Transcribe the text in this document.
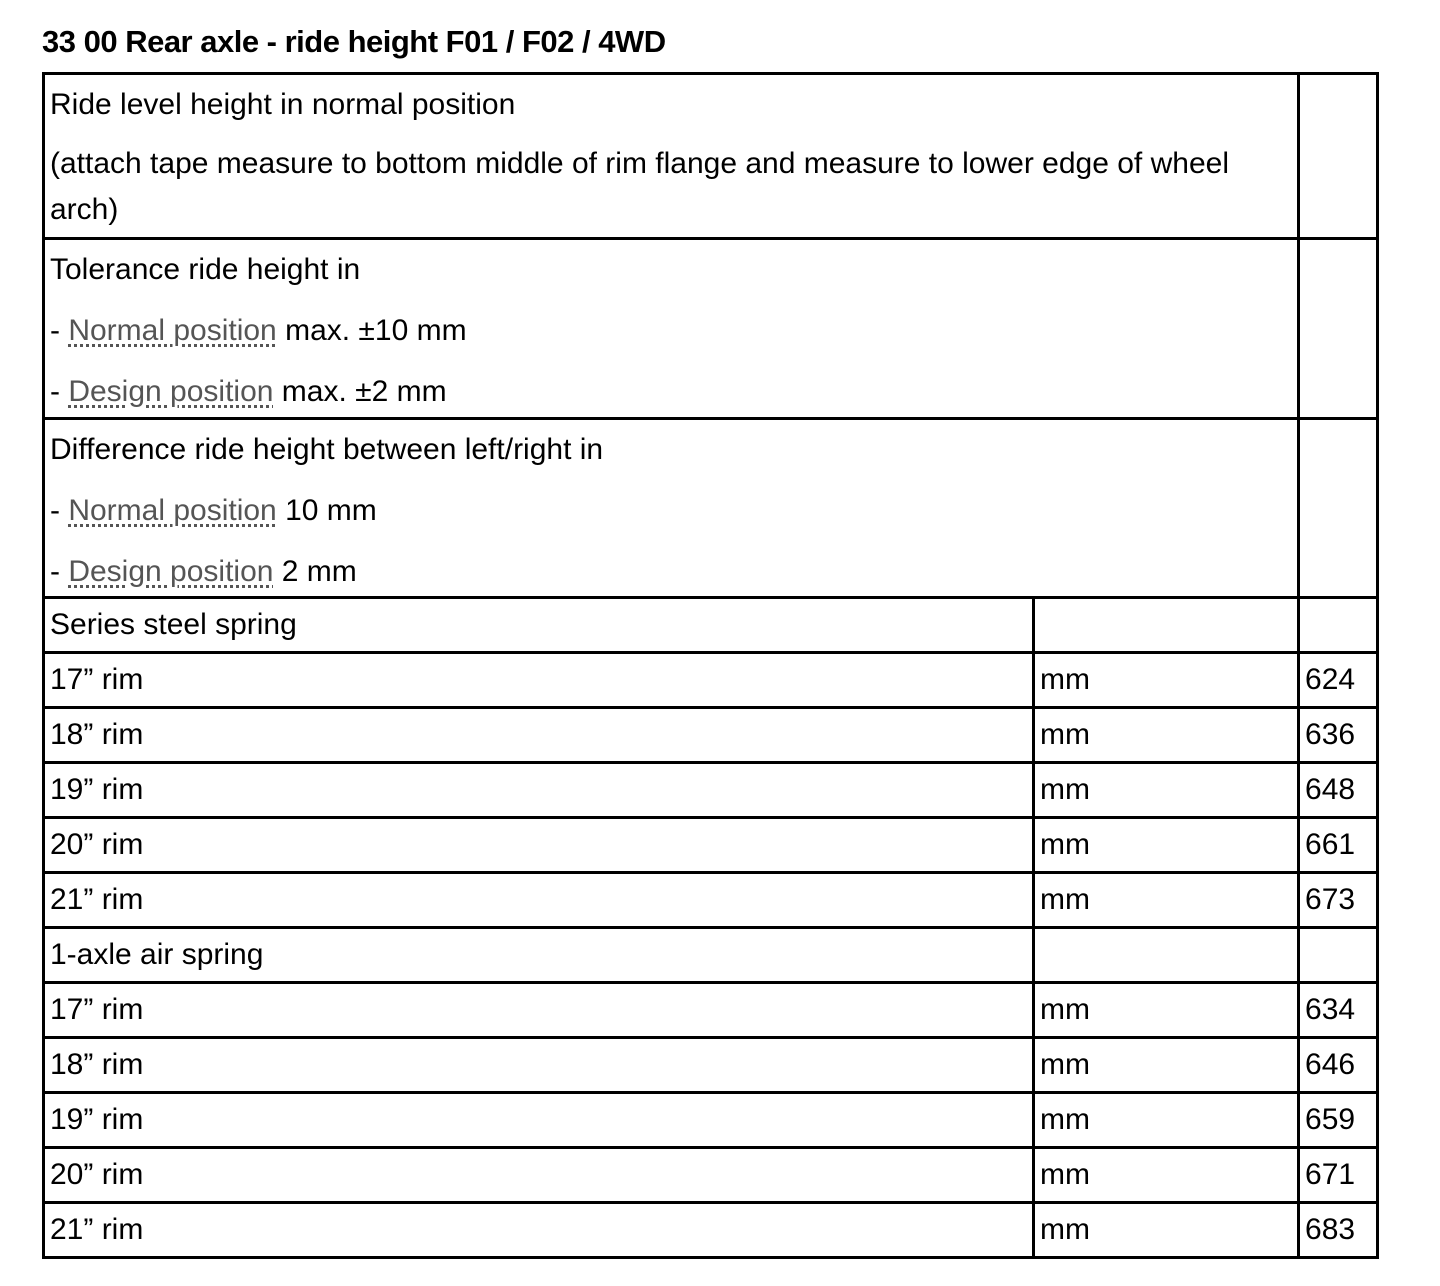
33 00 Rear axle - ride height F01 / F02 / 4WD
Ride level height in normal position
(attach tape measure to bottom middle of rim flange and measure to lower edge of wheel arch)		

Tolerance ride height in
- Normal position max. ±10 mm
- Design position max. ±2 mm		

Difference ride height between left/right in
- Normal position 10 mm
- Design position 2 mm		

Series steel spring		
17” rim	mm	624
18” rim	mm	636
19” rim	mm	648
20” rim	mm	661
21” rim	mm	673
1-axle air spring		
17” rim	mm	634
18” rim	mm	646
19” rim	mm	659
20” rim	mm	671
21” rim	mm	683
